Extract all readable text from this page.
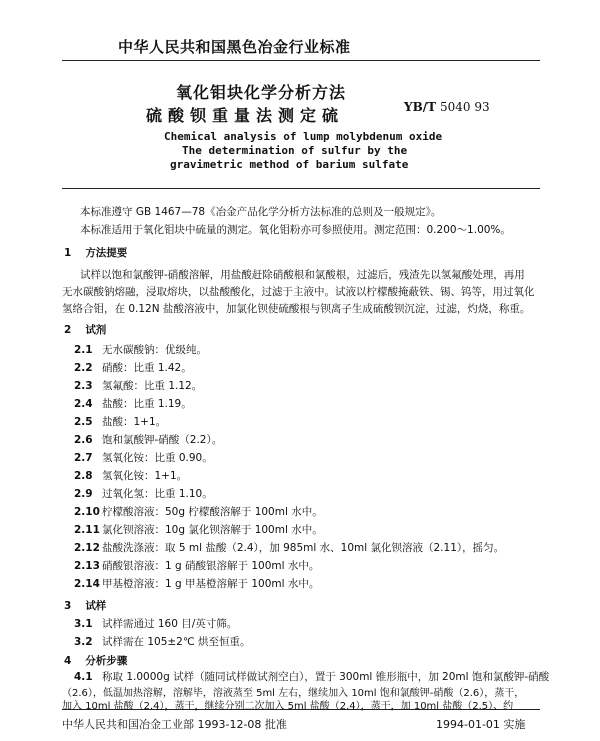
中华人民共和国黑色冶金行业标准
氧化钼块化学分析方法
硫酸钡重量法测定硫	YB/T 5040 93
Chemical analysis of lump molybdenum oxide
The determination of sulfur by the
gravimetric method of barium sulfate
本标准遵守 GB 1467—78《冶金产品化学分析方法标准的总则及一般规定》。
本标准适用于氧化钼块中硫量的测定。氧化钼粉亦可参照使用。测定范围：0.200～1.00%。
1 方法提要
试样以饱和氯酸钾-硝酸溶解，用盐酸赶除硝酸根和氯酸根，过滤后，残渣先以氢氟酸处理，再用
无水碳酸钠熔融，浸取熔块，以盐酸酸化，过滤于主液中。试液以柠檬酸掩蔽铁、锡、钨等，用过氧化
氢络合钼，在 0.12N 盐酸溶液中，加氯化钡使硫酸根与钡离子生成硫酸钡沉淀，过滤，灼烧，称重。
2 试剂
2.1 无水碳酸钠：优级纯。
2.2 硝酸：比重 1.42。
2.3 氢氟酸：比重 1.12。
2.4 盐酸：比重 1.19。
2.5 盐酸：1+1。
2.6 饱和氯酸钾-硝酸（2.2）。
2.7 氢氧化铵：比重 0.90。
2.8 氢氧化铵：1+1。
2.9 过氧化氢：比重 1.10。
2.10 柠檬酸溶液：50g 柠檬酸溶解于 100ml 水中。
2.11 氯化钡溶液：10g 氯化钡溶解于 100ml 水中。
2.12 盐酸洗涤液：取 5 ml 盐酸（2.4），加 985ml 水、10ml 氯化钡溶液（2.11），摇匀。
2.13 硝酸银溶液：1 g 硝酸银溶解于 100ml 水中。
2.14 甲基橙溶液：1 g 甲基橙溶解于 100ml 水中。
3 试样
3.1 试样需通过 160 目/英寸筛。
3.2 试样需在 105±2℃ 烘至恒重。
4 分析步骤
4.1 称取 1.0000g 试样（随同试样做试剂空白），置于 300ml 锥形瓶中，加 20ml 饱和氯酸钾-硝酸
（2.6），低温加热溶解，溶解毕，溶液蒸至 5ml 左右，继续加入 10ml 饱和氯酸钾-硝酸（2.6），蒸干，
中华人民共和国冶金工业部 1993-12-08 批准	1994-01-01 实施
加入 10ml 盐酸（2.4），蒸干，继续分别二次加入 5ml 盐酸（2.4），蒸干，加 10ml 盐酸（2.5）、约
